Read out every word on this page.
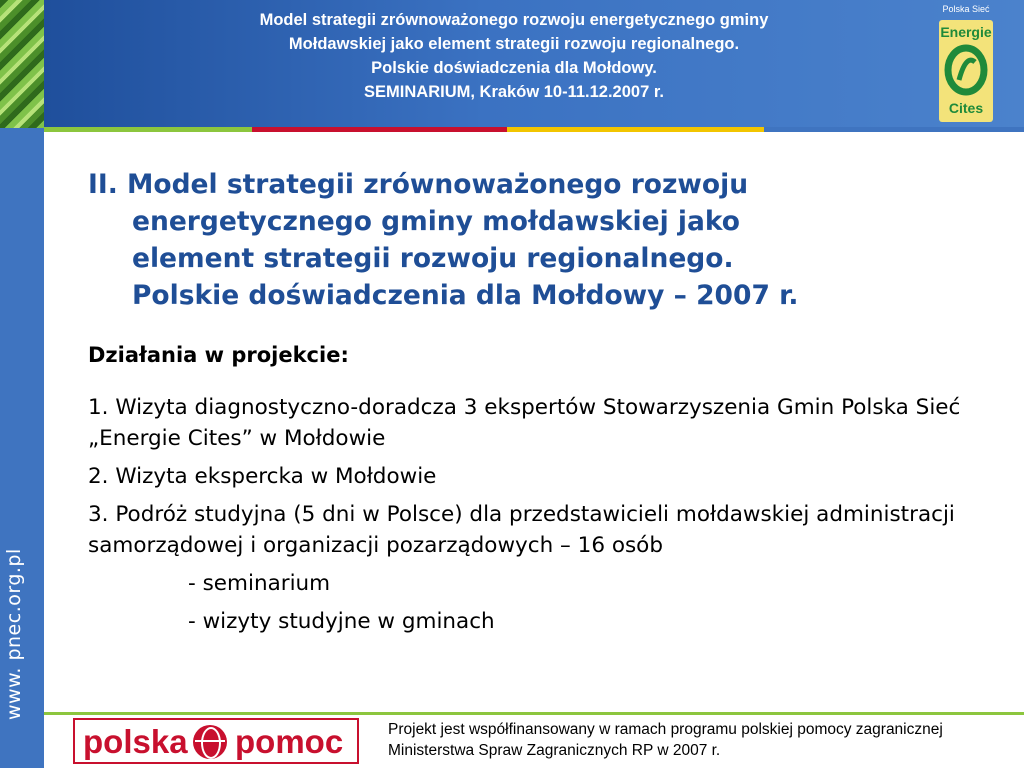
www. pnec.org.pl
Model strategii zrównoważonego rozwoju energetycznego gminy
Mołdawskiej jako element strategii rozwoju regionalnego.
Polskie doświadczenia dla Mołdowy.
SEMINARIUM, Kraków 10-11.12.2007 r.
Polska Sieć
Energie
Cites
II. Model strategii zrównoważonego rozwoju
energetycznego gminy mołdawskiej jako
element strategii rozwoju regionalnego.
Polskie doświadczenia dla Mołdowy – 2007 r.
Działania w projekcie:
1. Wizyta diagnostyczno-doradcza 3 ekspertów Stowarzyszenia Gmin Polska Sieć „Energie Cites” w Mołdowie
2. Wizyta ekspercka w Mołdowie
3. Podróż studyjna (5 dni w Polsce) dla przedstawicieli mołdawskiej administracji samorządowej i organizacji pozarządowych – 16 osób
- seminarium
- wizyty studyjne w gminach
polska pomoc	Projekt jest współfinansowany w ramach programu polskiej pomocy zagranicznej Ministerstwa Spraw Zagranicznych RP w 2007 r.
